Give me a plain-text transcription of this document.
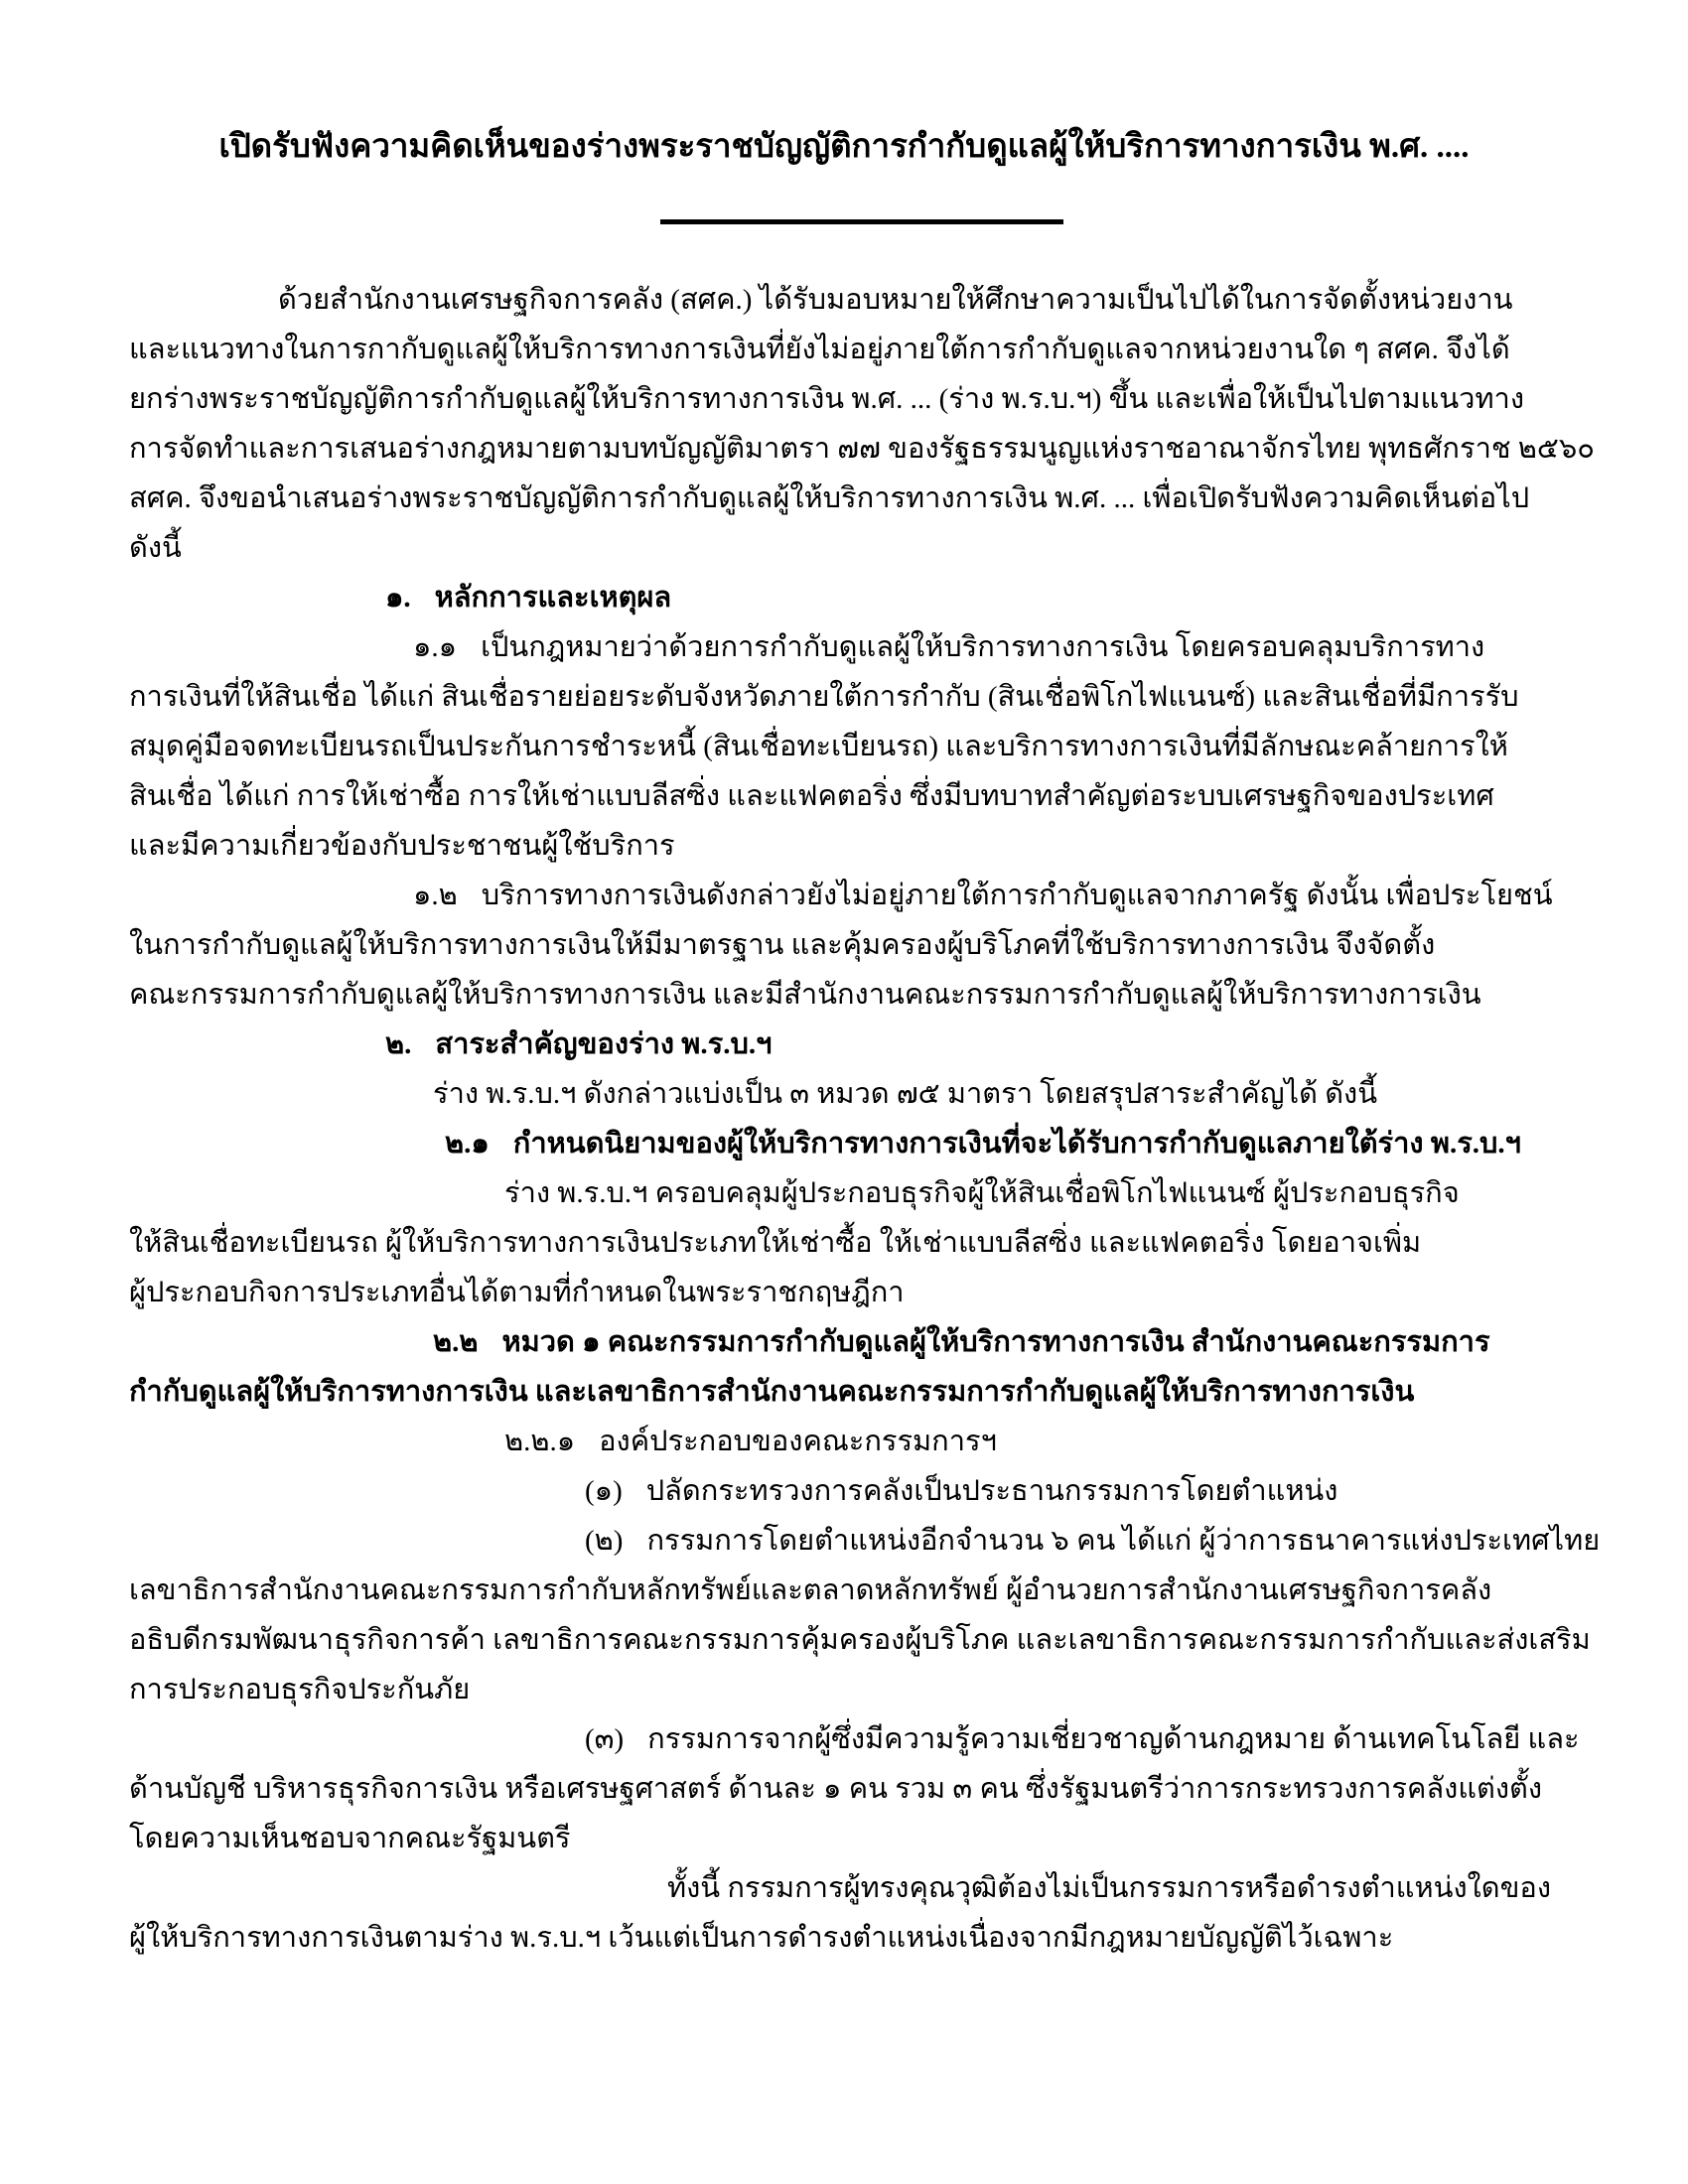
เปิดรับฟังความคิดเห็นของร่างพระราชบัญญัติการกำกับดูแลผู้ให้บริการทางการเงิน พ.ศ. ....

ด้วยสำนักงานเศรษฐกิจการคลัง (สศค.) ได้รับมอบหมายให้ศึกษาความเป็นไปได้ในการจัดตั้งหน่วยงาน

และแนวทางในการกากับดูแลผู้ให้บริการทางการเงินที่ยังไม่อยู่ภายใต้การกำกับดูแลจากหน่วยงานใด ๆ สศค. จึงได้

ยกร่างพระราชบัญญัติการกำกับดูแลผู้ให้บริการทางการเงิน พ.ศ. ... (ร่าง พ.ร.บ.ฯ) ขึ้น และเพื่อให้เป็นไปตามแนวทาง

การจัดทำและการเสนอร่างกฎหมายตามบทบัญญัติมาตรา ๗๗ ของรัฐธรรมนูญแห่งราชอาณาจักรไทย พุทธศักราช ๒๕๖๐

สศค. จึงขอนำเสนอร่างพระราชบัญญัติการกำกับดูแลผู้ให้บริการทางการเงิน พ.ศ. ... เพื่อเปิดรับฟังความคิดเห็นต่อไป

ดังนี้

๑. หลักการและเหตุผล

๑.๑ เป็นกฎหมายว่าด้วยการกำกับดูแลผู้ให้บริการทางการเงิน โดยครอบคลุมบริการทาง

การเงินที่ให้สินเชื่อ ได้แก่ สินเชื่อรายย่อยระดับจังหวัดภายใต้การกำกับ (สินเชื่อพิโกไฟแนนซ์) และสินเชื่อที่มีการรับ

สมุดคู่มือจดทะเบียนรถเป็นประกันการชำระหนี้ (สินเชื่อทะเบียนรถ) และบริการทางการเงินที่มีลักษณะคล้ายการให้

สินเชื่อ ได้แก่ การให้เช่าซื้อ การให้เช่าแบบลีสซิ่ง และแฟคตอริ่ง ซึ่งมีบทบาทสำคัญต่อระบบเศรษฐกิจของประเทศ

และมีความเกี่ยวข้องกับประชาชนผู้ใช้บริการ

๑.๒ บริการทางการเงินดังกล่าวยังไม่อยู่ภายใต้การกำกับดูแลจากภาครัฐ ดังนั้น เพื่อประโยชน์

ในการกำกับดูแลผู้ให้บริการทางการเงินให้มีมาตรฐาน และคุ้มครองผู้บริโภคที่ใช้บริการทางการเงิน จึงจัดตั้ง

คณะกรรมการกำกับดูแลผู้ให้บริการทางการเงิน และมีสำนักงานคณะกรรมการกำกับดูแลผู้ให้บริการทางการเงิน

๒. สาระสำคัญของร่าง พ.ร.บ.ฯ

ร่าง พ.ร.บ.ฯ ดังกล่าวแบ่งเป็น ๓ หมวด ๗๕ มาตรา โดยสรุปสาระสำคัญได้ ดังนี้

๒.๑ กำหนดนิยามของผู้ให้บริการทางการเงินที่จะได้รับการกำกับดูแลภายใต้ร่าง พ.ร.บ.ฯ

ร่าง พ.ร.บ.ฯ ครอบคลุมผู้ประกอบธุรกิจผู้ให้สินเชื่อพิโกไฟแนนซ์ ผู้ประกอบธุรกิจ

ให้สินเชื่อทะเบียนรถ ผู้ให้บริการทางการเงินประเภทให้เช่าซื้อ ให้เช่าแบบลีสซิ่ง และแฟคตอริ่ง โดยอาจเพิ่ม

ผู้ประกอบกิจการประเภทอื่นได้ตามที่กำหนดในพระราชกฤษฎีกา

๒.๒ หมวด ๑ คณะกรรมการกำกับดูแลผู้ให้บริการทางการเงิน สำนักงานคณะกรรมการ

กำกับดูแลผู้ให้บริการทางการเงิน และเลขาธิการสำนักงานคณะกรรมการกำกับดูแลผู้ให้บริการทางการเงิน

๒.๒.๑ องค์ประกอบของคณะกรรมการฯ

(๑) ปลัดกระทรวงการคลังเป็นประธานกรรมการโดยตำแหน่ง

(๒) กรรมการโดยตำแหน่งอีกจำนวน ๖ คน ได้แก่ ผู้ว่าการธนาคารแห่งประเทศไทย

เลขาธิการสำนักงานคณะกรรมการกำกับหลักทรัพย์และตลาดหลักทรัพย์ ผู้อำนวยการสำนักงานเศรษฐกิจการคลัง

อธิบดีกรมพัฒนาธุรกิจการค้า เลขาธิการคณะกรรมการคุ้มครองผู้บริโภค และเลขาธิการคณะกรรมการกำกับและส่งเสริม

การประกอบธุรกิจประกันภัย

(๓) กรรมการจากผู้ซึ่งมีความรู้ความเชี่ยวชาญด้านกฎหมาย ด้านเทคโนโลยี และ

ด้านบัญชี บริหารธุรกิจการเงิน หรือเศรษฐศาสตร์ ด้านละ ๑ คน รวม ๓ คน ซึ่งรัฐมนตรีว่าการกระทรวงการคลังแต่งตั้ง

โดยความเห็นชอบจากคณะรัฐมนตรี

ทั้งนี้ กรรมการผู้ทรงคุณวุฒิต้องไม่เป็นกรรมการหรือดำรงตำแหน่งใดของ

ผู้ให้บริการทางการเงินตามร่าง พ.ร.บ.ฯ เว้นแต่เป็นการดำรงตำแหน่งเนื่องจากมีกฎหมายบัญญัติไว้เฉพาะ
